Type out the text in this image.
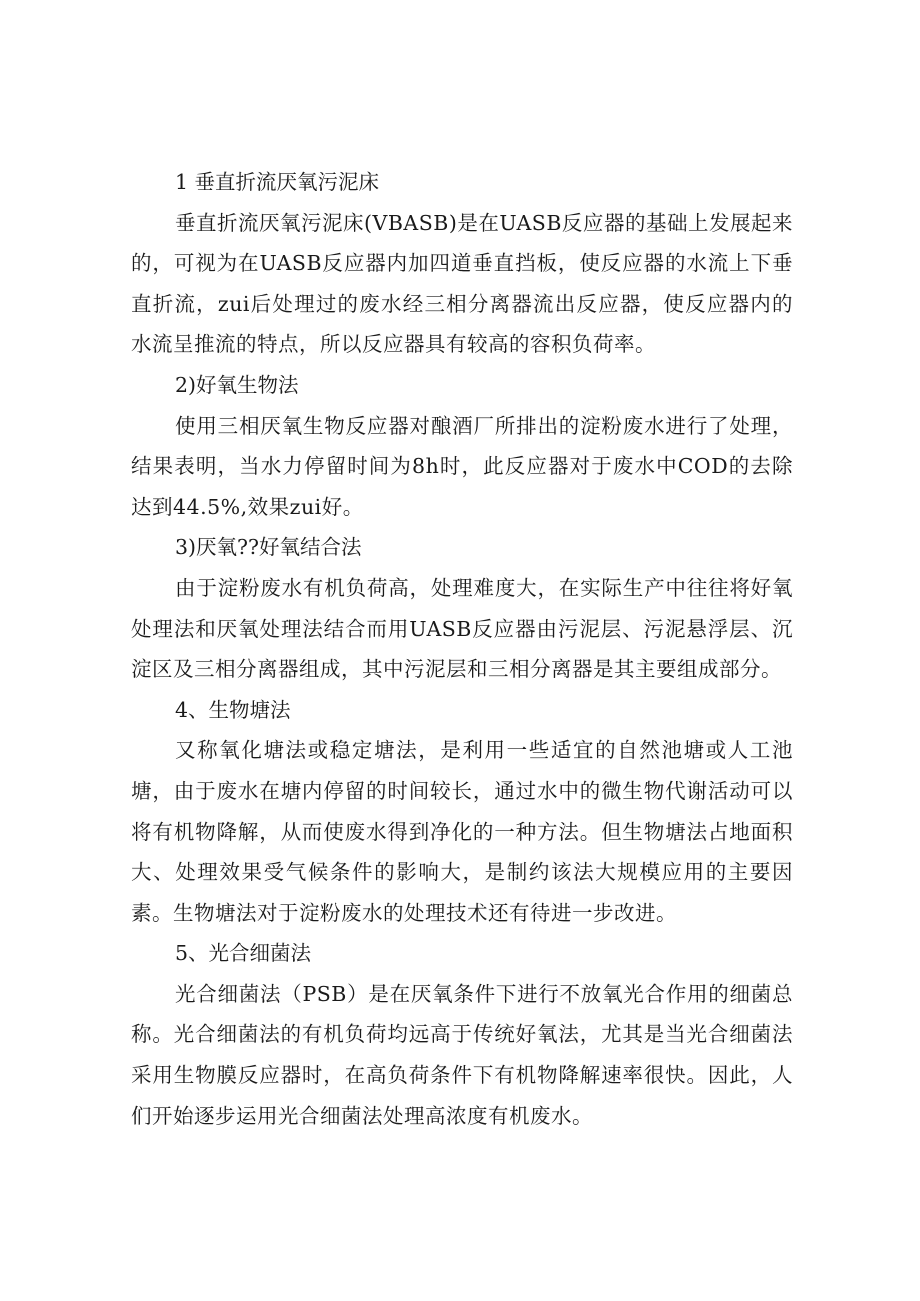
1 垂直折流厌氧污泥床

垂直折流厌氧污泥床(VBASB)是在UASB反应器的基础上发展起来的，可视为在UASB反应器内加四道垂直挡板，使反应器的水流上下垂直折流，zui后处理过的废水经三相分离器流出反应器，使反应器内的水流呈推流的特点，所以反应器具有较高的容积负荷率。

2)好氧生物法

使用三相厌氧生物反应器对酿酒厂所排出的淀粉废水进行了处理，结果表明，当水力停留时间为8h时，此反应器对于废水中COD的去除达到44.5%,效果zui好。

3)厌氧??好氧结合法

由于淀粉废水有机负荷高，处理难度大，在实际生产中往往将好氧处理法和厌氧处理法结合而用UASB反应器由污泥层、污泥悬浮层、沉淀区及三相分离器组成，其中污泥层和三相分离器是其主要组成部分。

4、生物塘法

又称氧化塘法或稳定塘法，是利用一些适宜的自然池塘或人工池塘，由于废水在塘内停留的时间较长，通过水中的微生物代谢活动可以将有机物降解，从而使废水得到净化的一种方法。但生物塘法占地面积大、处理效果受气候条件的影响大，是制约该法大规模应用的主要因素。生物塘法对于淀粉废水的处理技术还有待进一步改进。

5、光合细菌法

光合细菌法（PSB）是在厌氧条件下进行不放氧光合作用的细菌总称。光合细菌法的有机负荷均远高于传统好氧法，尤其是当光合细菌法采用生物膜反应器时，在高负荷条件下有机物降解速率很快。因此，人们开始逐步运用光合细菌法处理高浓度有机废水。
